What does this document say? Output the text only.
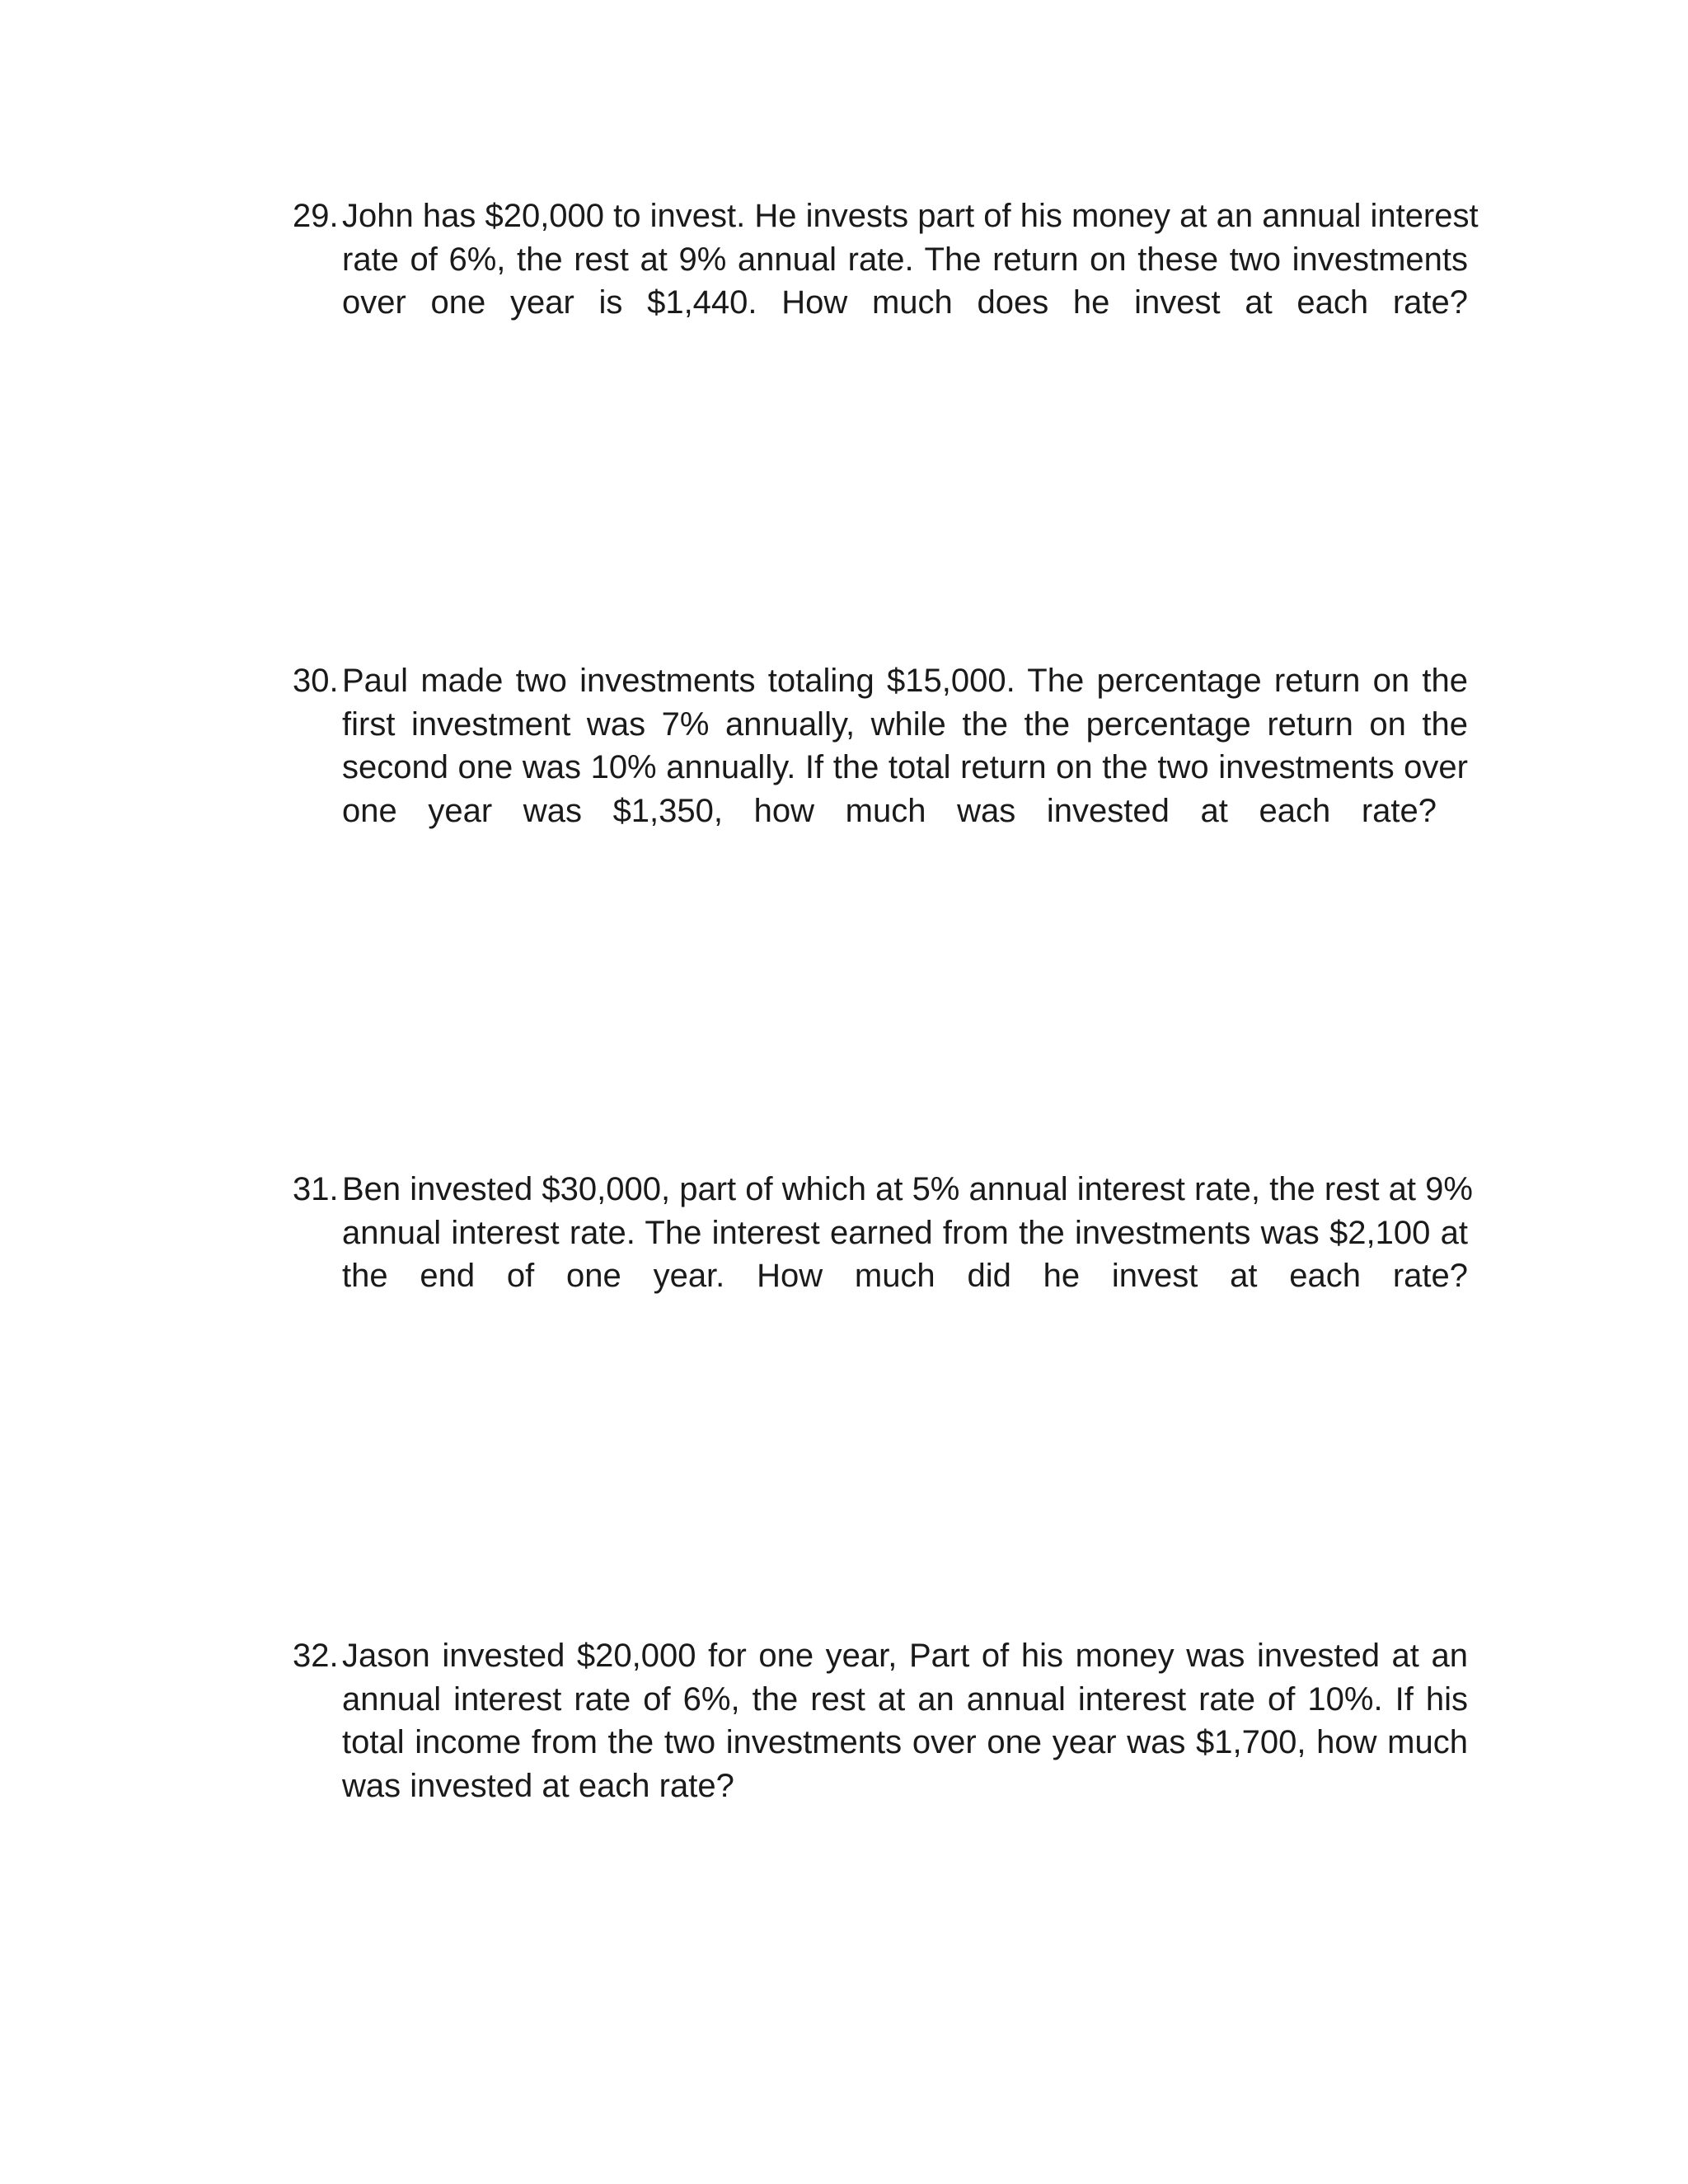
29. John has $20,000 to invest. He invests part of his money at an annual interest
rate of 6%, the rest at 9% annual rate. The return on these two investments
over one year is $1,440. How much does he invest at each rate?
30. Paul made two investments totaling $15,000. The percentage return on the
first investment was 7% annually, while the the percentage return on the
second one was 10% annually. If the total return on the two investments over
one year was $1,350, how much was invested at each rate?
31. Ben invested $30,000, part of which at 5% annual interest rate, the rest at 9%
annual interest rate. The interest earned from the investments was $2,100 at
the end of one year. How much did he invest at each rate?
32. Jason invested $20,000 for one year, Part of his money was invested at an
annual interest rate of 6%, the rest at an annual interest rate of 10%. If his
total income from the two investments over one year was $1,700, how much
was invested at each rate?
